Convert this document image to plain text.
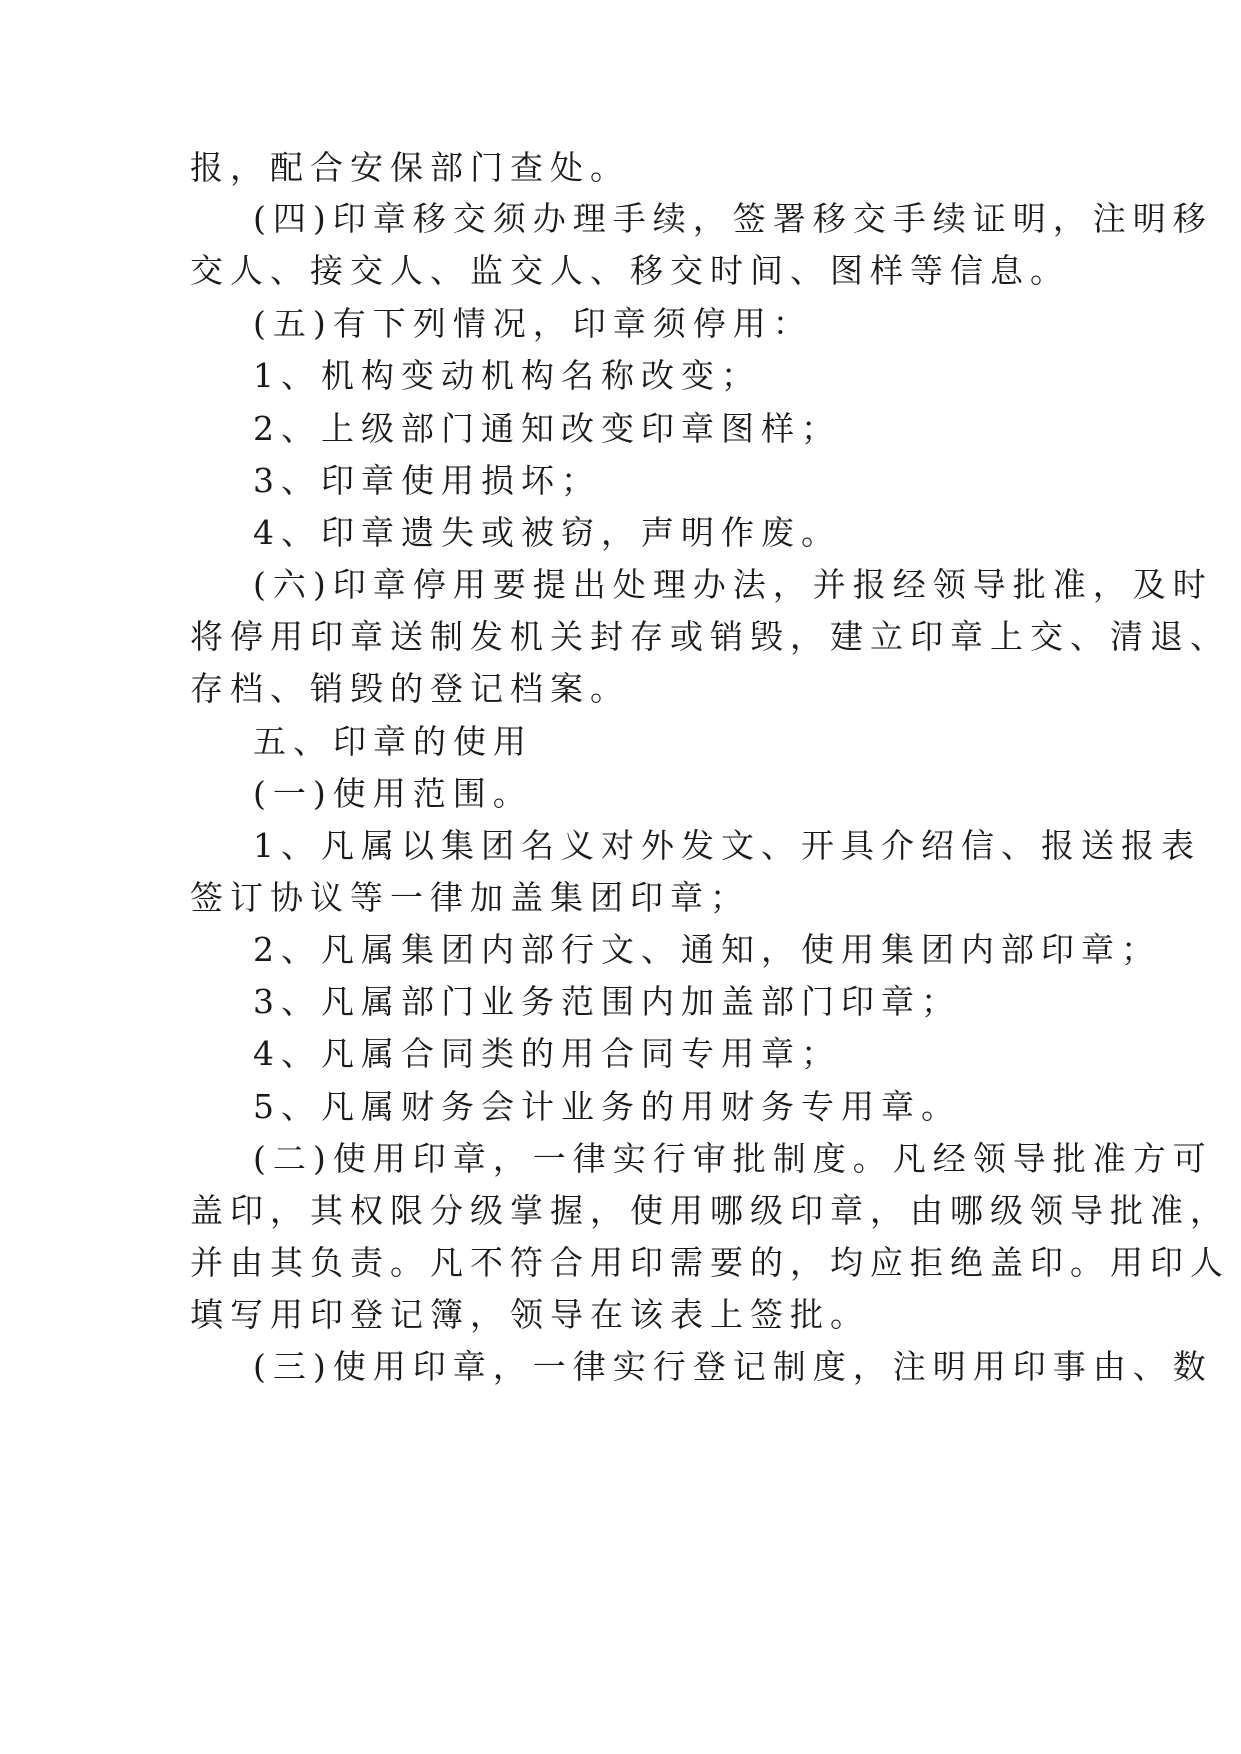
报，配合安保部门查处。
(四)印章移交须办理手续，签署移交手续证明，注明移
交人、接交人、监交人、移交时间、图样等信息。
(五)有下列情况，印章须停用：
1、机构变动机构名称改变；
2、上级部门通知改变印章图样；
3、印章使用损坏；
4、印章遗失或被窃，声明作废。
(六)印章停用要提出处理办法，并报经领导批准，及时
将停用印章送制发机关封存或销毁，建立印章上交、清退、
存档、销毁的登记档案。
五、印章的使用
(一)使用范围。
1、凡属以集团名义对外发文、开具介绍信、报送报表
签订协议等一律加盖集团印章；
2、凡属集团内部行文、通知，使用集团内部印章；
3、凡属部门业务范围内加盖部门印章；
4、凡属合同类的用合同专用章；
5、凡属财务会计业务的用财务专用章。
(二)使用印章，一律实行审批制度。凡经领导批准方可
盖印，其权限分级掌握，使用哪级印章，由哪级领导批准，
并由其负责。凡不符合用印需要的，均应拒绝盖印。用印人
填写用印登记簿，领导在该表上签批。
(三)使用印章，一律实行登记制度，注明用印事由、数
